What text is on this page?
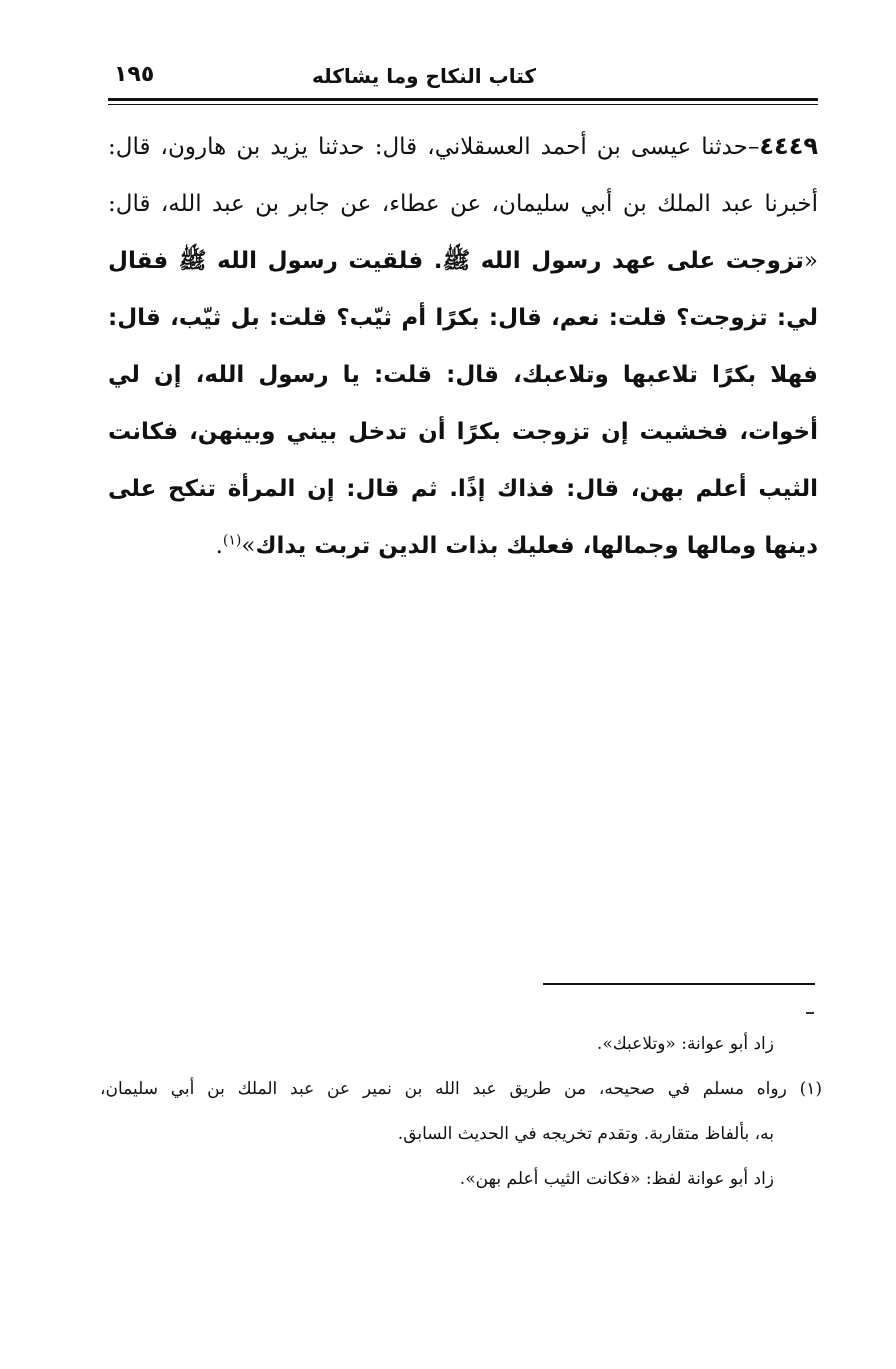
كتاب النكاح وما يشاكله
١٩٥
٤٤٤٩–حدثنا عيسى بن أحمد العسقلاني، قال: حدثنا يزيد بن هارون، قال: أخبرنا عبد الملك بن أبي سليمان، عن عطاء، عن جابر بن عبد الله، قال: «تزوجت على عهد رسول الله ﷺ. فلقيت رسول الله ﷺ فقال لي: تزوجت؟ قلت: نعم، قال: بكرًا أم ثيّب؟ قلت: بل ثيّب، قال: فهلا بكرًا تلاعبها وتلاعبك، قال: قلت: يا رسول الله، إن لي أخوات، فخشيت إن تزوجت بكرًا أن تدخل بيني وبينهن، فكانت الثيب أعلم بهن، قال: فذاك إذًا. ثم قال: إن المرأة تنكح على دينها ومالها وجمالها، فعليك بذات الدين تربت يداك»$^{(١)}$.
زاد أبو عوانة: «وتلاعبك».
(١) رواه مسلم في صحيحه، من طريق عبد الله بن نمير عن عبد الملك بن أبي سليمان،
به، بألفاظ متقاربة. وتقدم تخريجه في الحديث السابق.
زاد أبو عوانة لفظ: «فكانت الثيب أعلم بهن».
